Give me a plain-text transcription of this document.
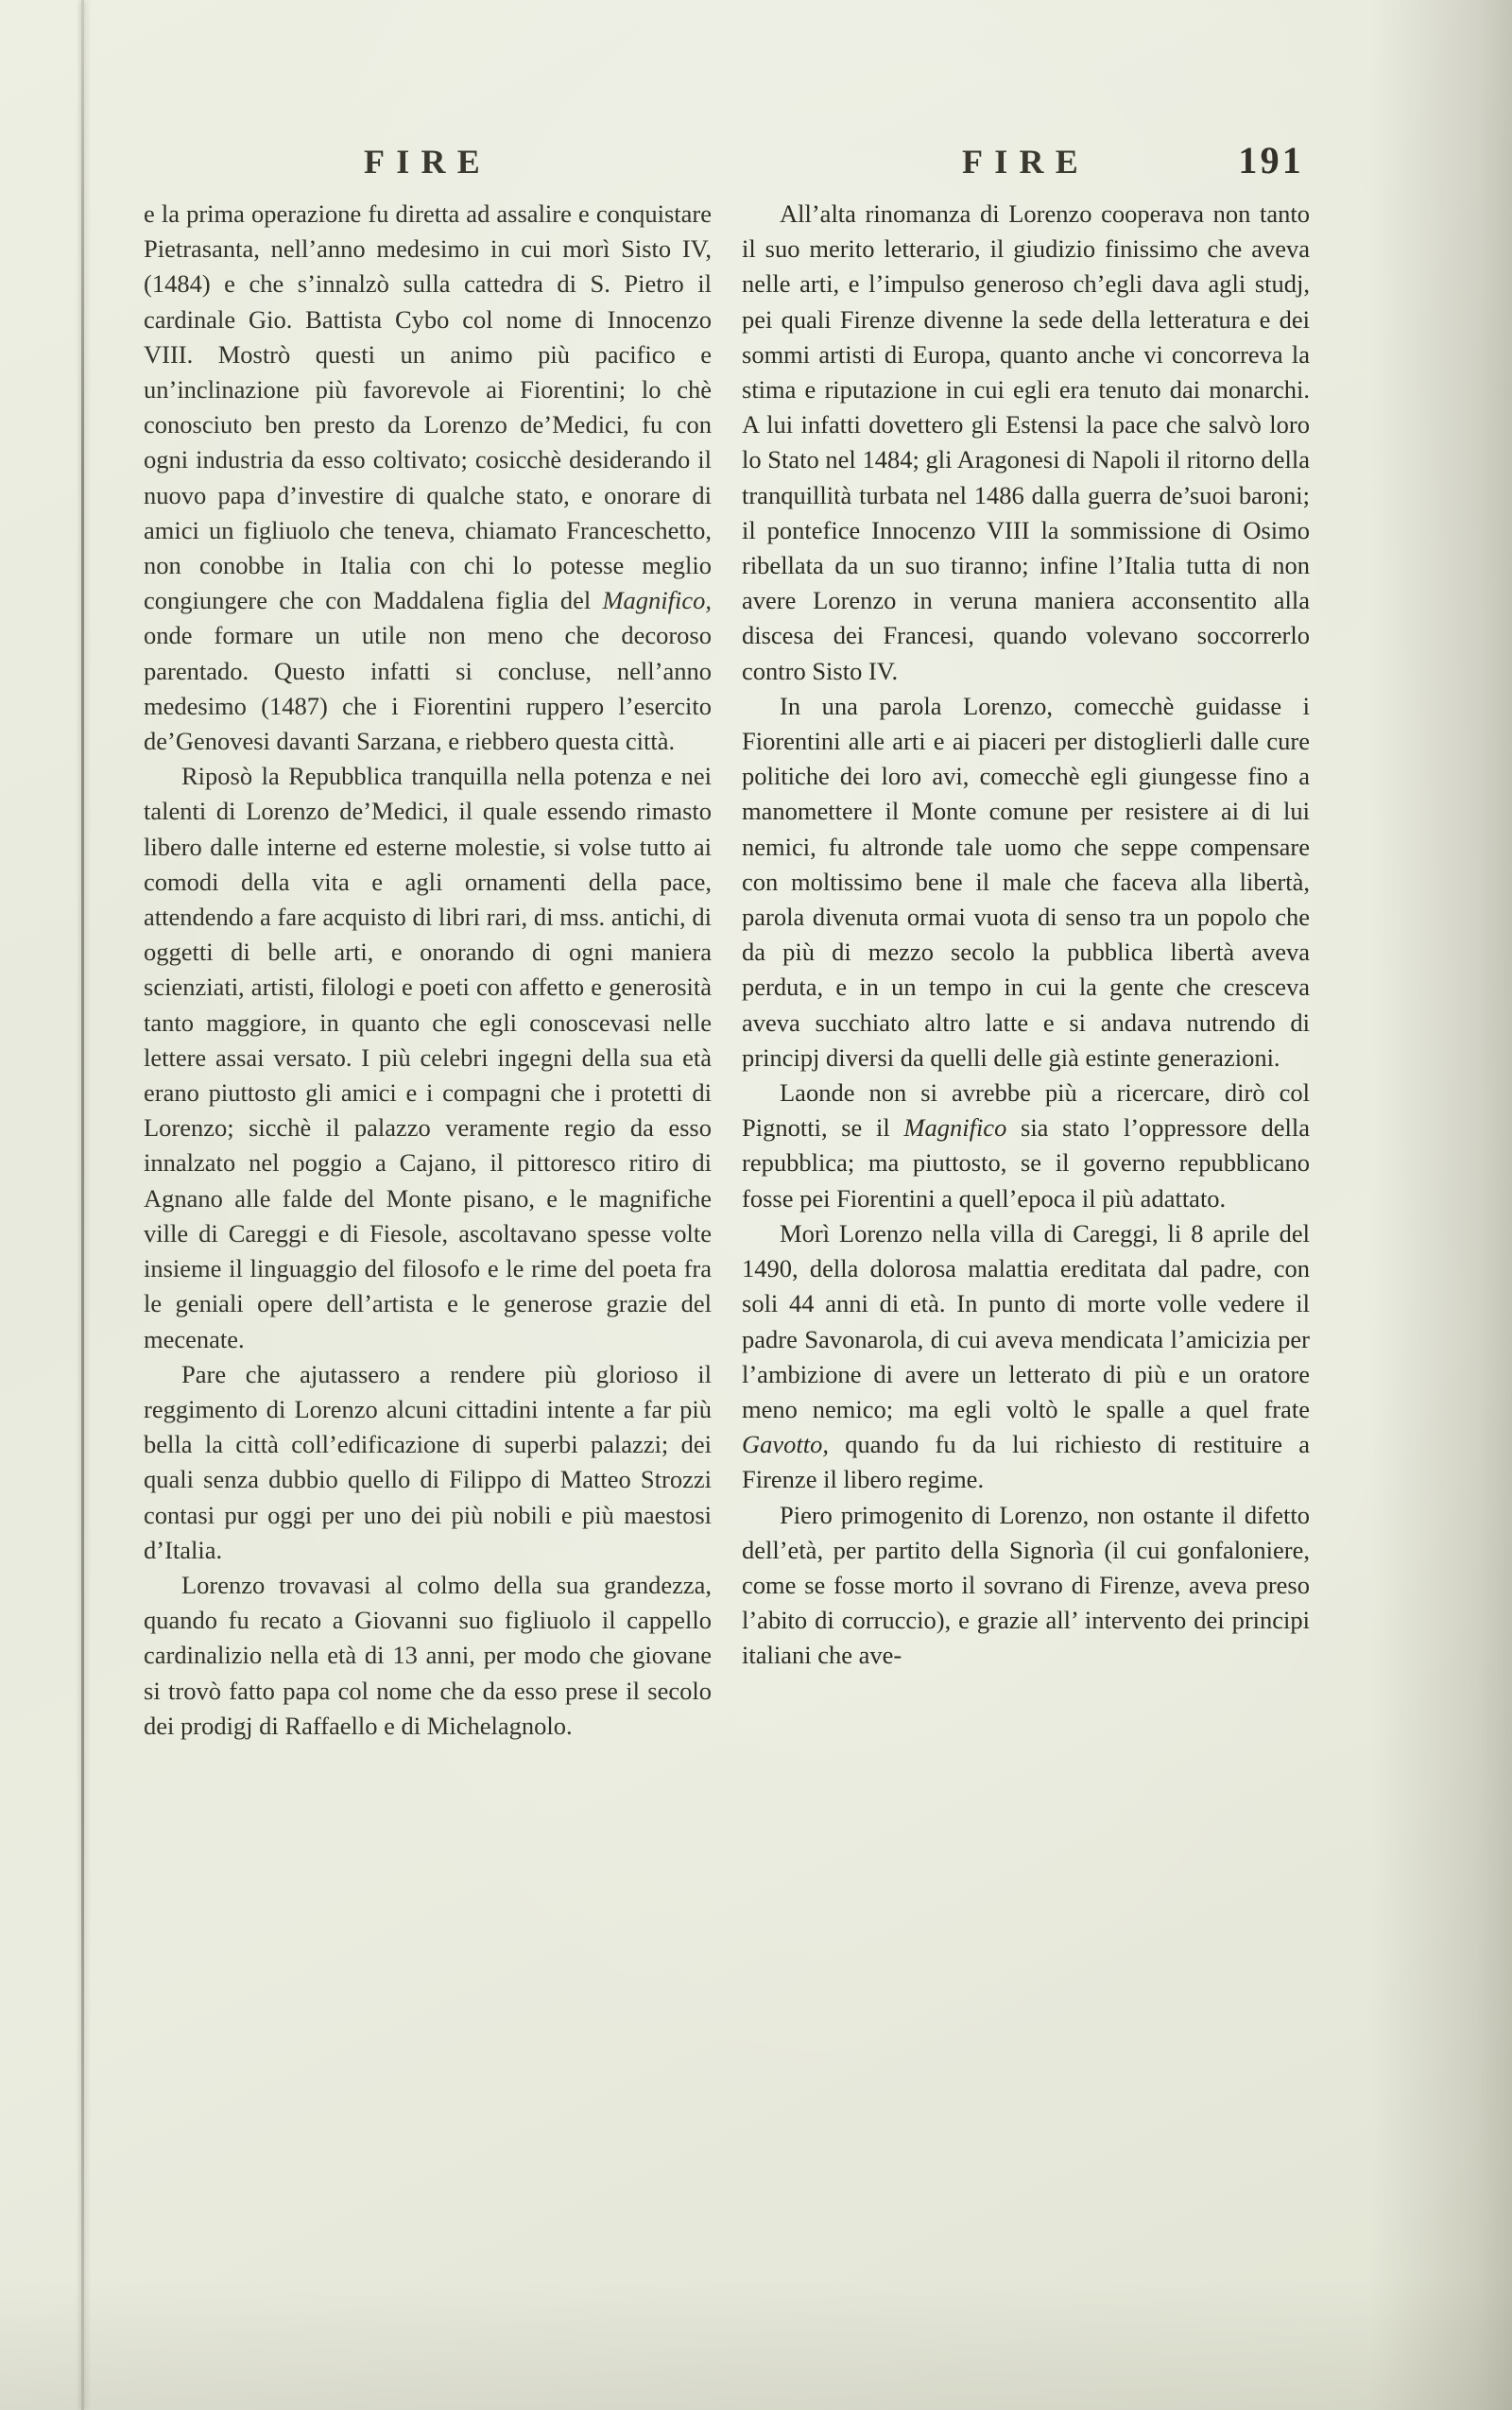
FIRE	FIRE	191

e la prima operazione fu diretta ad assalire e conquistare Pietrasanta, nell’anno medesimo in cui morì Sisto IV, (1484) e che s’innalzò sulla cattedra di S. Pietro il cardinale Gio. Battista Cybo col nome di Innocenzo VIII. Mostrò questi un animo più pacifico e un’inclinazione più favorevole ai Fiorentini; lo chè conosciuto ben presto da Lorenzo de’Medici, fu con ogni industria da esso coltivato; cosicchè desiderando il nuovo papa d’investire di qualche stato, e onorare di amici un figliuolo che teneva, chiamato Franceschetto, non conobbe in Italia con chi lo potesse meglio congiungere che con Maddalena figlia del Magnifico, onde formare un utile non meno che decoroso parentado. Questo infatti si concluse, nell’anno medesimo (1487) che i Fiorentini ruppero l’esercito de’Genovesi davanti Sarzana, e riebbero questa città.

Riposò la Repubblica tranquilla nella potenza e nei talenti di Lorenzo de’Medici, il quale essendo rimasto libero dalle interne ed esterne molestie, si volse tutto ai comodi della vita e agli ornamenti della pace, attendendo a fare acquisto di libri rari, di mss. antichi, di oggetti di belle arti, e onorando di ogni maniera scienziati, artisti, filologi e poeti con affetto e generosità tanto maggiore, in quanto che egli conoscevasi nelle lettere assai versato. I più celebri ingegni della sua età erano piuttosto gli amici e i compagni che i protetti di Lorenzo; sicchè il palazzo veramente regio da esso innalzato nel poggio a Cajano, il pittoresco ritiro di Agnano alle falde del Monte pisano, e le magnifiche ville di Careggi e di Fiesole, ascoltavano spesse volte insieme il linguaggio del filosofo e le rime del poeta fra le geniali opere dell’artista e le generose grazie del mecenate.

Pare che ajutassero a rendere più glorioso il reggimento di Lorenzo alcuni cittadini intente a far più bella la città coll’edificazione di superbi palazzi; dei quali senza dubbio quello di Filippo di Matteo Strozzi contasi pur oggi per uno dei più nobili e più maestosi d’Italia.

Lorenzo trovavasi al colmo della sua grandezza, quando fu recato a Giovanni suo figliuolo il cappello cardinalizio nella età di 13 anni, per modo che giovane si trovò fatto papa col nome che da esso prese il secolo dei prodigj di Raffaello e di Michelagnolo.

All’alta rinomanza di Lorenzo cooperava non tanto il suo merito letterario, il giudizio finissimo che aveva nelle arti, e l’impulso generoso ch’egli dava agli studj, pei quali Firenze divenne la sede della letteratura e dei sommi artisti di Europa, quanto anche vi concorreva la stima e riputazione in cui egli era tenuto dai monarchi. A lui infatti dovettero gli Estensi la pace che salvò loro lo Stato nel 1484; gli Aragonesi di Napoli il ritorno della tranquillità turbata nel 1486 dalla guerra de’suoi baroni; il pontefice Innocenzo VIII la sommissione di Osimo ribellata da un suo tiranno; infine l’Italia tutta di non avere Lorenzo in veruna maniera acconsentito alla discesa dei Francesi, quando volevano soccorrerlo contro Sisto IV.

In una parola Lorenzo, comecchè guidasse i Fiorentini alle arti e ai piaceri per distoglierli dalle cure politiche dei loro avi, comecchè egli giungesse fino a manomettere il Monte comune per resistere ai di lui nemici, fu altronde tale uomo che seppe compensare con moltissimo bene il male che faceva alla libertà, parola divenuta ormai vuota di senso tra un popolo che da più di mezzo secolo la pubblica libertà aveva perduta, e in un tempo in cui la gente che cresceva aveva succhiato altro latte e si andava nutrendo di principj diversi da quelli delle già estinte generazioni.

Laonde non si avrebbe più a ricercare, dirò col Pignotti, se il Magnifico sia stato l’oppressore della repubblica; ma piuttosto, se il governo repubblicano fosse pei Fiorentini a quell’epoca il più adattato.

Morì Lorenzo nella villa di Careggi, li 8 aprile del 1490, della dolorosa malattia ereditata dal padre, con soli 44 anni di età. In punto di morte volle vedere il padre Savonarola, di cui aveva mendicata l’amicizia per l’ambizione di avere un letterato di più e un oratore meno nemico; ma egli voltò le spalle a quel frate Gavotto, quando fu da lui richiesto di restituire a Firenze il libero regime.

Piero primogenito di Lorenzo, non ostante il difetto dell’età, per partito della Signorìa (il cui gonfaloniere, come se fosse morto il sovrano di Firenze, aveva preso l’abito di corruccio), e grazie all’ intervento dei principi italiani che ave-
